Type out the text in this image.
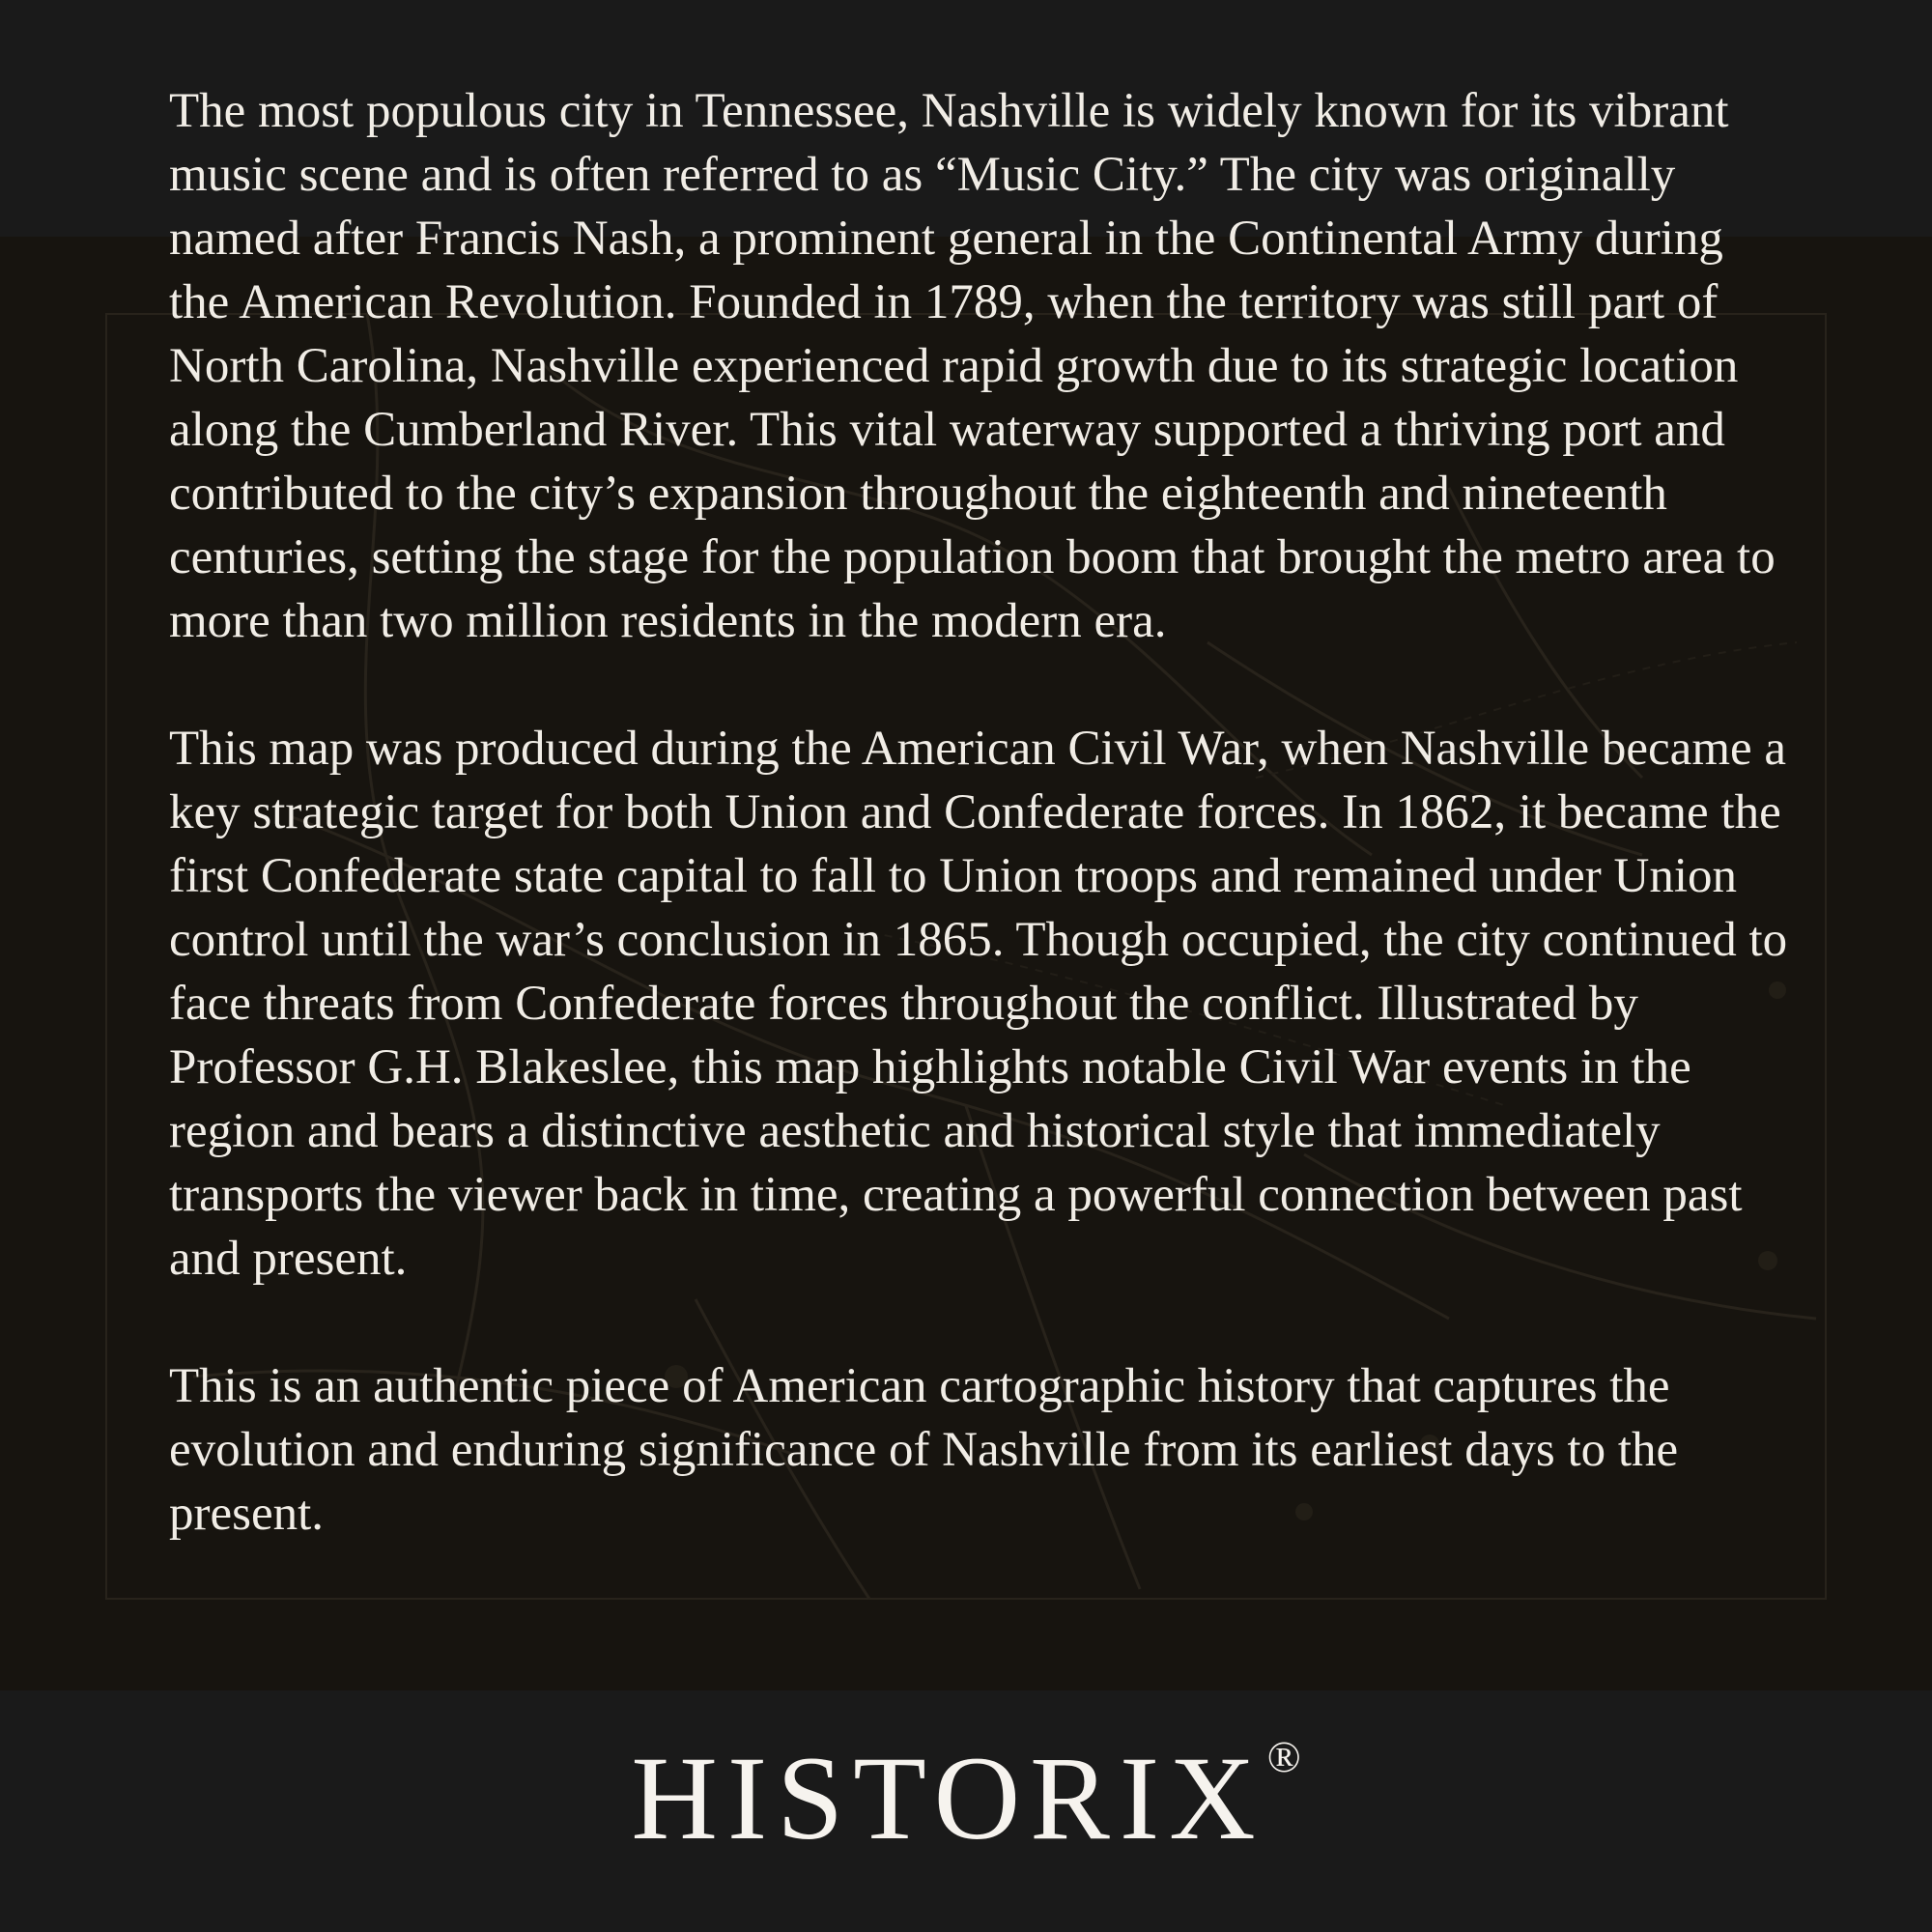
The most populous city in Tennessee, Nashville is widely known for its vibrant music scene and is often referred to as “Music City.” The city was originally named after Francis Nash, a prominent general in the Continental Army during the American Revolution. Founded in 1789, when the territory was still part of North Carolina, Nashville experienced rapid growth due to its strategic location along the Cumberland River. This vital waterway supported a thriving port and contributed to the city’s expansion throughout the eighteenth and nineteenth centuries, setting the stage for the population boom that brought the metro area to more than two million residents in the modern era.

This map was produced during the American Civil War, when Nashville became a key strategic target for both Union and Confederate forces. In 1862, it became the first Confederate state capital to fall to Union troops and remained under Union control until the war’s conclusion in 1865. Though occupied, the city continued to face threats from Confederate forces throughout the conflict. Illustrated by Professor G.H. Blakeslee, this map highlights notable Civil War events in the region and bears a distinctive aesthetic and historical style that immediately transports the viewer back in time, creating a powerful connection between past and present.

This is an authentic piece of American cartographic history that captures the evolution and enduring significance of Nashville from its earliest days to the present.

HISTORIX ®
